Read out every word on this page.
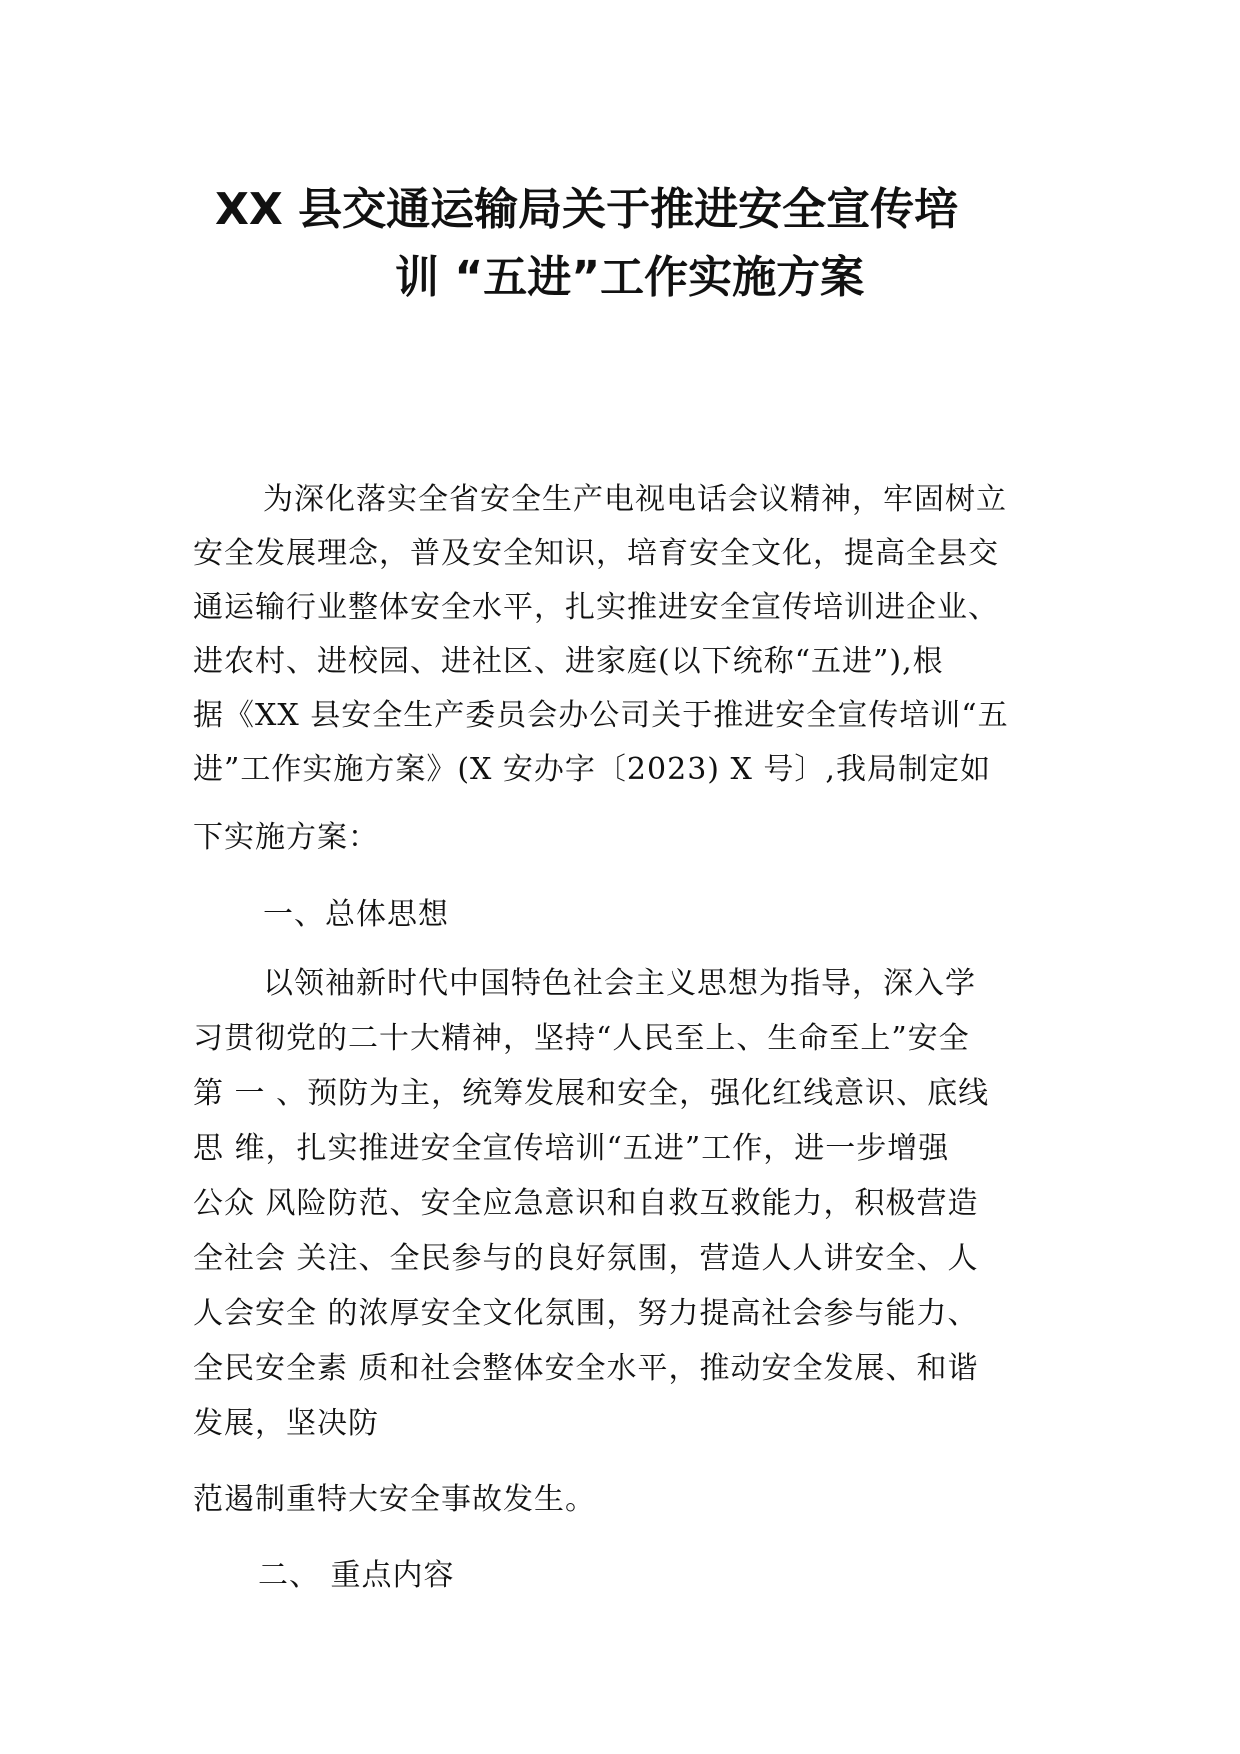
XX 县交通运输局关于推进安全宣传培
训 “五进”工作实施方案
为深化落实全省安全生产电视电话会议精神，牢固树立
安全发展理念，普及安全知识，培育安全文化，提高全县交
通运输行业整体安全水平，扎实推进安全宣传培训进企业、
进农村、进校园、进社区、进家庭(以下统称“五进”),根
据《XX 县安全生产委员会办公司关于推进安全宣传培训“五
进”工作实施方案》(X 安办字〔2023) X 号〕,我局制定如
下实施方案：
一、总体思想
以领袖新时代中国特色社会主义思想为指导，深入学
习贯彻党的二十大精神，坚持“人民至上、生命至上”安全
第 一 、预防为主，统筹发展和安全，强化红线意识、底线
思 维，扎实推进安全宣传培训“五进”工作，进一步增强
公众 风险防范、安全应急意识和自救互救能力，积极营造
全社会 关注、全民参与的良好氛围，营造人人讲安全、人
人会安全 的浓厚安全文化氛围，努力提高社会参与能力、
全民安全素 质和社会整体安全水平，推动安全发展、和谐
发展，坚决防
范遏制重特大安全事故发生。
二、 重点内容
